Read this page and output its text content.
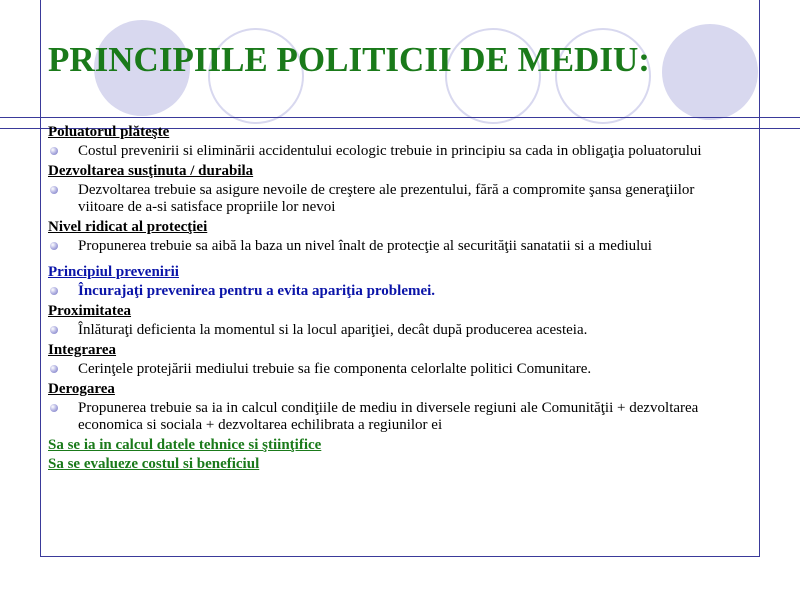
PRINCIPIILE POLITICII DE MEDIU:
Poluatorul plăteşte
Costul prevenirii si eliminării accidentului ecologic trebuie in principiu sa cada in obligaţia poluatorului
Dezvoltarea susţinuta / durabila
Dezvoltarea trebuie sa asigure nevoile de creştere ale prezentului, fără a compromite şansa generaţiilor viitoare de a-si satisface propriile lor nevoi
Nivel ridicat al protecţiei
Propunerea trebuie sa aibă la baza un nivel înalt de protecţie al securităţii sanatatii si a mediului
Principiul prevenirii
Încurajaţi prevenirea pentru a evita apariţia problemei.
Proximitatea
Înlăturaţi deficienta la momentul si la locul apariţiei, decât după producerea acesteia.
Integrarea
Cerinţele protejării mediului trebuie sa fie componenta celorlalte politici Comunitare.
Derogarea
Propunerea trebuie sa ia in calcul condiţiile de mediu in diversele regiuni ale Comunităţii + dezvoltarea economica si sociala + dezvoltarea echilibrata a regiunilor ei
Sa se ia in calcul datele tehnice si ştiinţifice
Sa se evalueze costul si beneficiul
